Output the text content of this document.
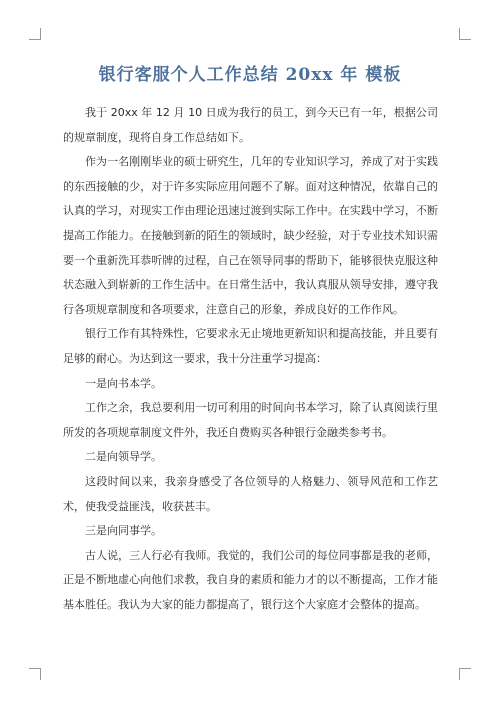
银行客服个人工作总结 20xx 年 模板

我于 20xx 年 12 月 10 日成为我行的员工，到今天已有一年，根据公司的规章制度，现将自身工作总结如下。

作为一名刚刚毕业的硕士研究生，几年的专业知识学习，养成了对于实践的东西接触的少，对于许多实际应用问题不了解。面对这种情况，依靠自己的认真的学习，对现实工作由理论迅速过渡到实际工作中。在实践中学习，不断提高工作能力。在接触到新的陌生的领域时，缺少经验，对于专业技术知识需要一个重新洗耳恭听牌的过程，自己在领导同事的帮助下，能够很快克服这种状态融入到崭新的工作生活中。在日常生活中，我认真服从领导安排，遵守我行各项规章制度和各项要求，注意自己的形象，养成良好的工作作风。

银行工作有其特殊性，它要求永无止境地更新知识和提高技能，并且要有足够的耐心。为达到这一要求，我十分注重学习提高：

一是向书本学。

工作之余，我总要利用一切可利用的时间向书本学习，除了认真阅读行里所发的各项规章制度文件外，我还自费购买各种银行金融类参考书。

二是向领导学。

这段时间以来，我亲身感受了各位领导的人格魅力、领导风范和工作艺术，使我受益匪浅，收获甚丰。

三是向同事学。

古人说，三人行必有我师。我觉的，我们公司的每位同事都是我的老师，正是不断地虚心向他们求教，我自身的素质和能力才的以不断提高，工作才能基本胜任。我认为大家的能力都提高了，银行这个大家庭才会整体的提高。
